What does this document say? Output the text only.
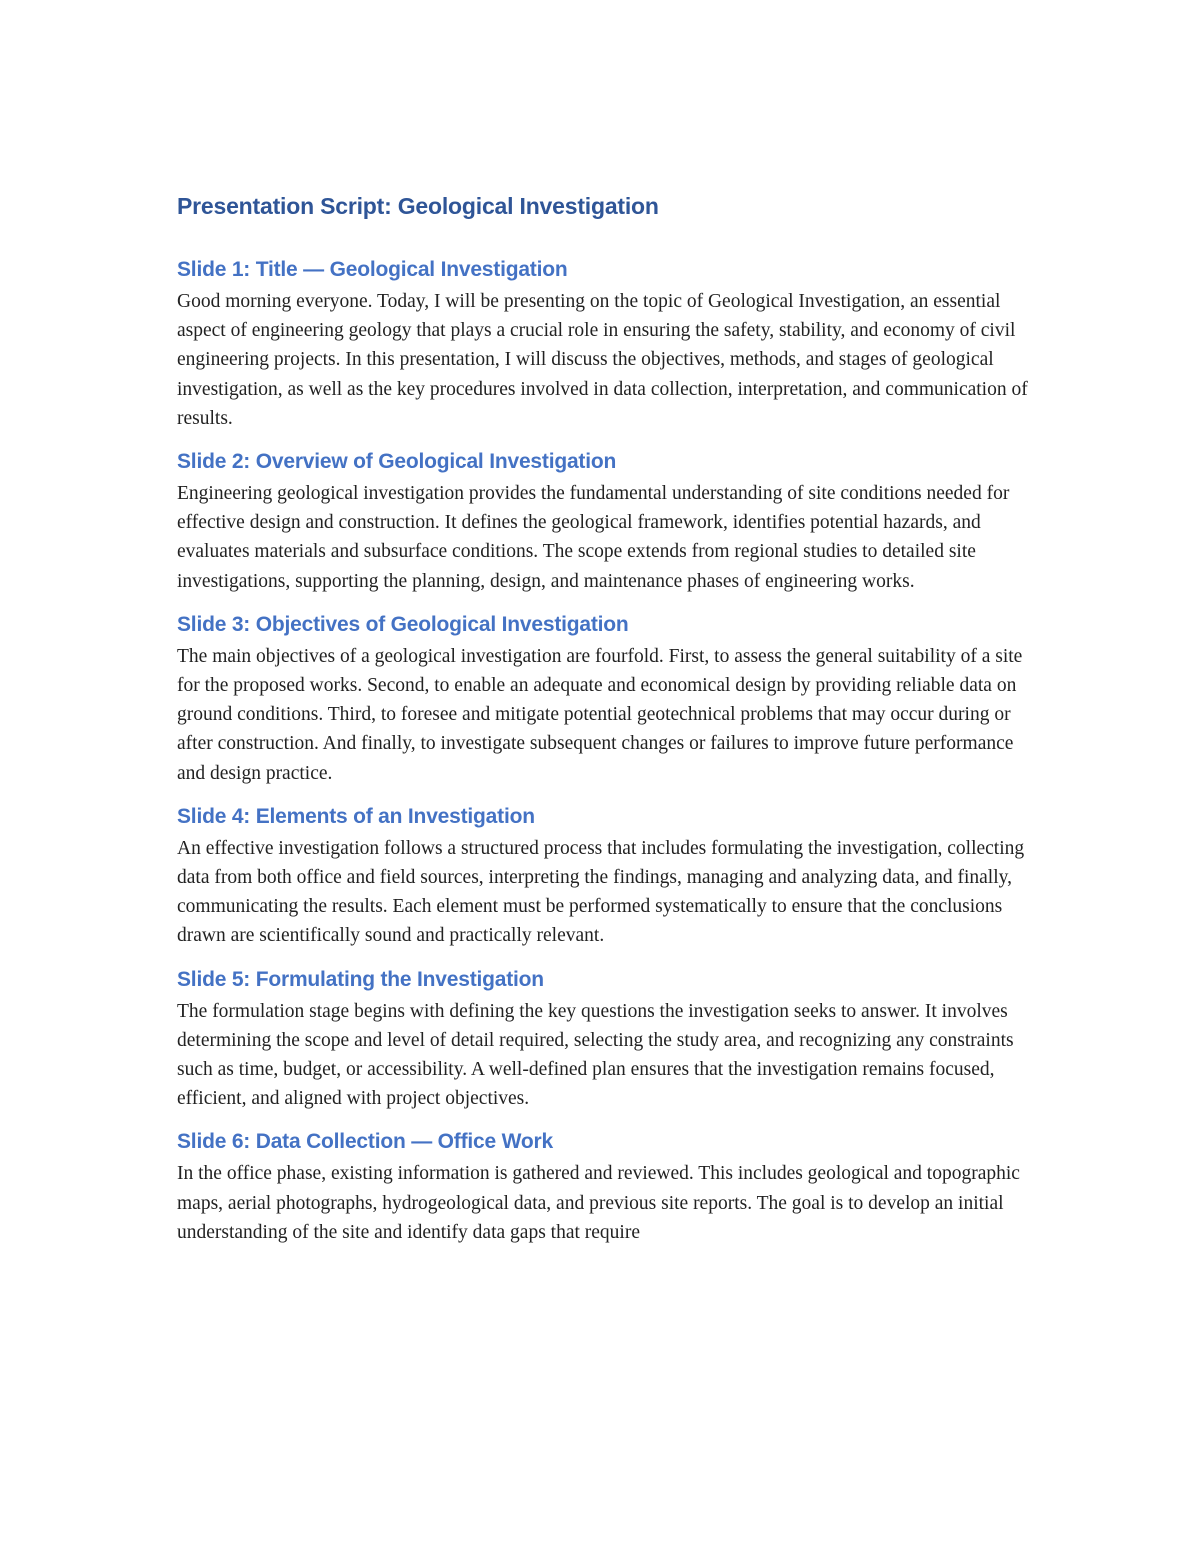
Presentation Script: Geological Investigation
Slide 1: Title — Geological Investigation

Good morning everyone. Today, I will be presenting on the topic of Geological Investigation, an essential aspect of engineering geology that plays a crucial role in ensuring the safety, stability, and economy of civil engineering projects. In this presentation, I will discuss the objectives, methods, and stages of geological investigation, as well as the key procedures involved in data collection, interpretation, and communication of results.

Slide 2: Overview of Geological Investigation

Engineering geological investigation provides the fundamental understanding of site conditions needed for effective design and construction. It defines the geological framework, identifies potential hazards, and evaluates materials and subsurface conditions. The scope extends from regional studies to detailed site investigations, supporting the planning, design, and maintenance phases of engineering works.

Slide 3: Objectives of Geological Investigation

The main objectives of a geological investigation are fourfold. First, to assess the general suitability of a site for the proposed works. Second, to enable an adequate and economical design by providing reliable data on ground conditions. Third, to foresee and mitigate potential geotechnical problems that may occur during or after construction. And finally, to investigate subsequent changes or failures to improve future performance and design practice.

Slide 4: Elements of an Investigation

An effective investigation follows a structured process that includes formulating the investigation, collecting data from both office and field sources, interpreting the findings, managing and analyzing data, and finally, communicating the results. Each element must be performed systematically to ensure that the conclusions drawn are scientifically sound and practically relevant.

Slide 5: Formulating the Investigation

The formulation stage begins with defining the key questions the investigation seeks to answer. It involves determining the scope and level of detail required, selecting the study area, and recognizing any constraints such as time, budget, or accessibility. A well-defined plan ensures that the investigation remains focused, efficient, and aligned with project objectives.

Slide 6: Data Collection — Office Work

In the office phase, existing information is gathered and reviewed. This includes geological and topographic maps, aerial photographs, hydrogeological data, and previous site reports. The goal is to develop an initial understanding of the site and identify data gaps that require
